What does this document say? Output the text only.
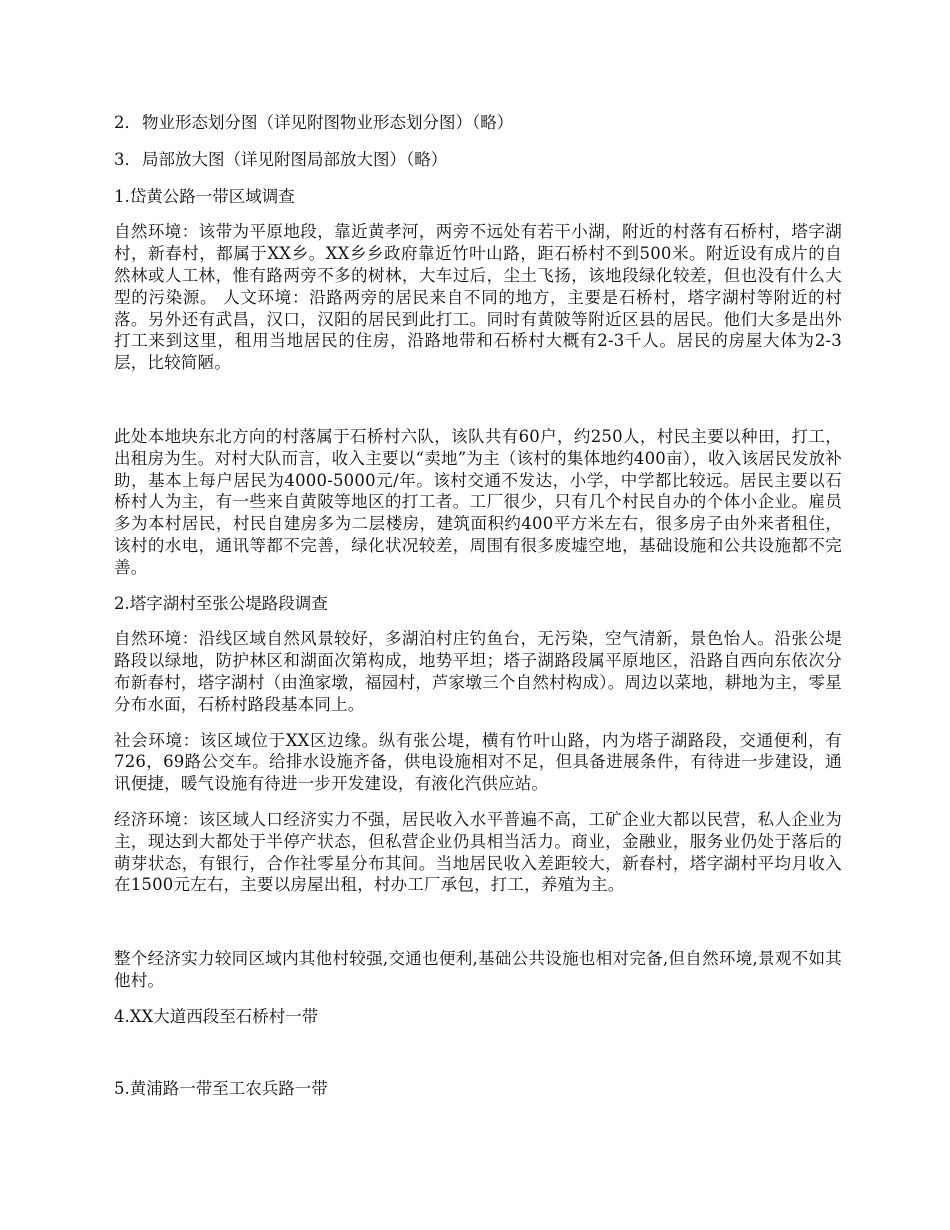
2．物业形态划分图（详见附图物业形态划分图）（略）

3．局部放大图（详见附图局部放大图）（略）

1.岱黄公路一带区域调查

自然环境：该带为平原地段，靠近黄孝河，两旁不远处有若干小湖，附近的村落有石桥村，塔字湖村，新春村，都属于XX乡。XX乡乡政府靠近竹叶山路，距石桥村不到500米。附近设有成片的自然林或人工林，惟有路两旁不多的树林，大车过后，尘土飞扬，该地段绿化较差，但也没有什么大型的污染源。 人文环境：沿路两旁的居民来自不同的地方，主要是石桥村，塔字湖村等附近的村落。另外还有武昌，汉口，汉阳的居民到此打工。同时有黄陂等附近区县的居民。他们大多是出外打工来到这里，租用当地居民的住房，沿路地带和石桥村大概有2-3千人。居民的房屋大体为2-3层，比较简陋。

此处本地块东北方向的村落属于石桥村六队，该队共有60户，约250人，村民主要以种田，打工，出租房为生。对村大队而言，收入主要以“卖地”为主（该村的集体地约400亩），收入该居民发放补助，基本上每户居民为4000-5000元/年。该村交通不发达，小学，中学都比较远。居民主要以石桥村人为主，有一些来自黄陂等地区的打工者。工厂很少，只有几个村民自办的个体小企业。雇员多为本村居民，村民自建房多为二层楼房，建筑面积约400平方米左右，很多房子由外来者租住，该村的水电，通讯等都不完善，绿化状况较差，周围有很多废墟空地，基础设施和公共设施都不完善。

2.塔字湖村至张公堤路段调查

自然环境：沿线区域自然风景较好，多湖泊村庄钓鱼台，无污染，空气清新，景色怡人。沿张公堤路段以绿地，防护林区和湖面次第构成，地势平坦；塔子湖路段属平原地区，沿路自西向东依次分布新春村，塔字湖村（由渔家墩，福园村，芦家墩三个自然村构成）。周边以菜地，耕地为主，零星分布水面，石桥村路段基本同上。

社会环境：该区域位于XX区边缘。纵有张公堤，横有竹叶山路，内为塔子湖路段，交通便利，有726，69路公交车。给排水设施齐备，供电设施相对不足，但具备进展条件，有待进一步建设，通讯便捷，暖气设施有待进一步开发建设，有液化汽供应站。

经济环境：该区域人口经济实力不强，居民收入水平普遍不高，工矿企业大都以民营，私人企业为主，现达到大都处于半停产状态，但私营企业仍具相当活力。商业，金融业，服务业仍处于落后的萌芽状态，有银行，合作社零星分布其间。当地居民收入差距较大，新春村，塔字湖村平均月收入在1500元左右，主要以房屋出租，村办工厂承包，打工，养殖为主。

整个经济实力较同区域内其他村较强,交通也便利,基础公共设施也相对完备,但自然环境,景观不如其他村。

4.XX大道西段至石桥村一带

5.黄浦路一带至工农兵路一带
